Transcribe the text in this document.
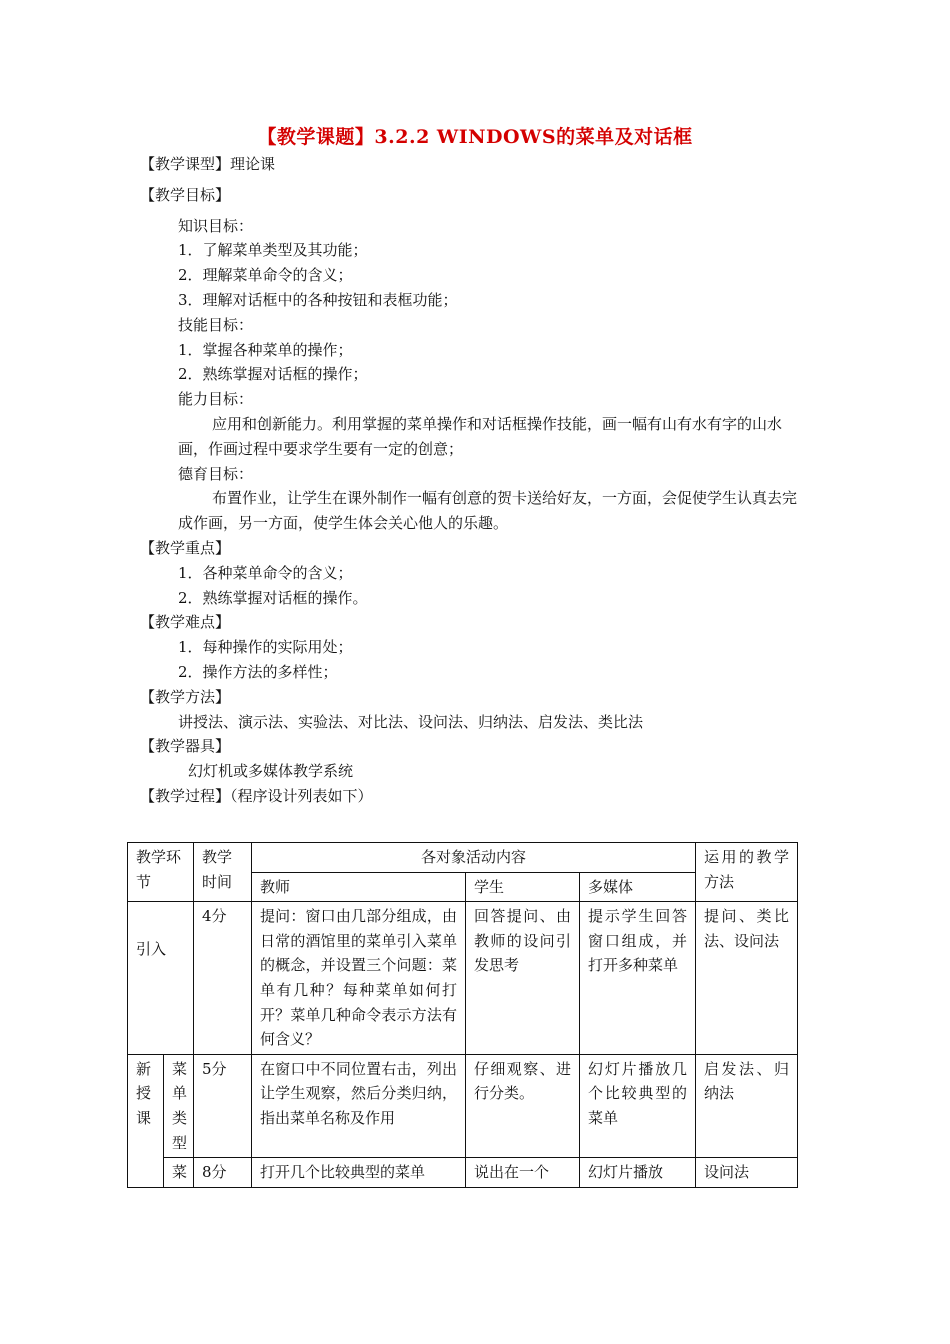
【教学课题】3.2.2 WINDOWS的菜单及对话框
【教学课型】理论课
【教学目标】
知识目标：
1．了解菜单类型及其功能；
2．理解菜单命令的含义；
3．理解对话框中的各种按钮和表框功能；
技能目标：
1．掌握各种菜单的操作；
2．熟练掌握对话框的操作；
能力目标：
应用和创新能力。利用掌握的菜单操作和对话框操作技能，画一幅有山有水有字的山水画，作画过程中要求学生要有一定的创意；
德育目标：
布置作业，让学生在课外制作一幅有创意的贺卡送给好友，一方面，会促使学生认真去完成作画，另一方面，使学生体会关心他人的乐趣。
【教学重点】
1．各种菜单命令的含义；
2．熟练掌握对话框的操作。
【教学难点】
1．每种操作的实际用处；
2．操作方法的多样性；
【教学方法】
讲授法、演示法、实验法、对比法、设问法、归纳法、启发法、类比法
【教学器具】
幻灯机或多媒体教学系统
【教学过程】（程序设计列表如下）
教学环节		教学时间	各对象活动内容			运用的教学方法
			教师	学生	多媒体	
引入		4分	提问：窗口由几部分组成，由日常的酒馆里的菜单引入菜单的概念，并设置三个问题：菜单有几种？每种菜单如何打开？菜单几种命令表示方法有何含义？	回答提问、由教师的设问引发思考	提示学生回答窗口组成，并打开多种菜单	提问、类比法、设问法
新授课	菜单类型	5分	在窗口中不同位置右击，列出让学生观察，然后分类归纳，指出菜单名称及作用	仔细观察、进行分类。	幻灯片播放几个比较典型的菜单	启发法、归纳法
	菜	8分	打开几个比较典型的菜单	说出在一个	幻灯片播放	设问法
